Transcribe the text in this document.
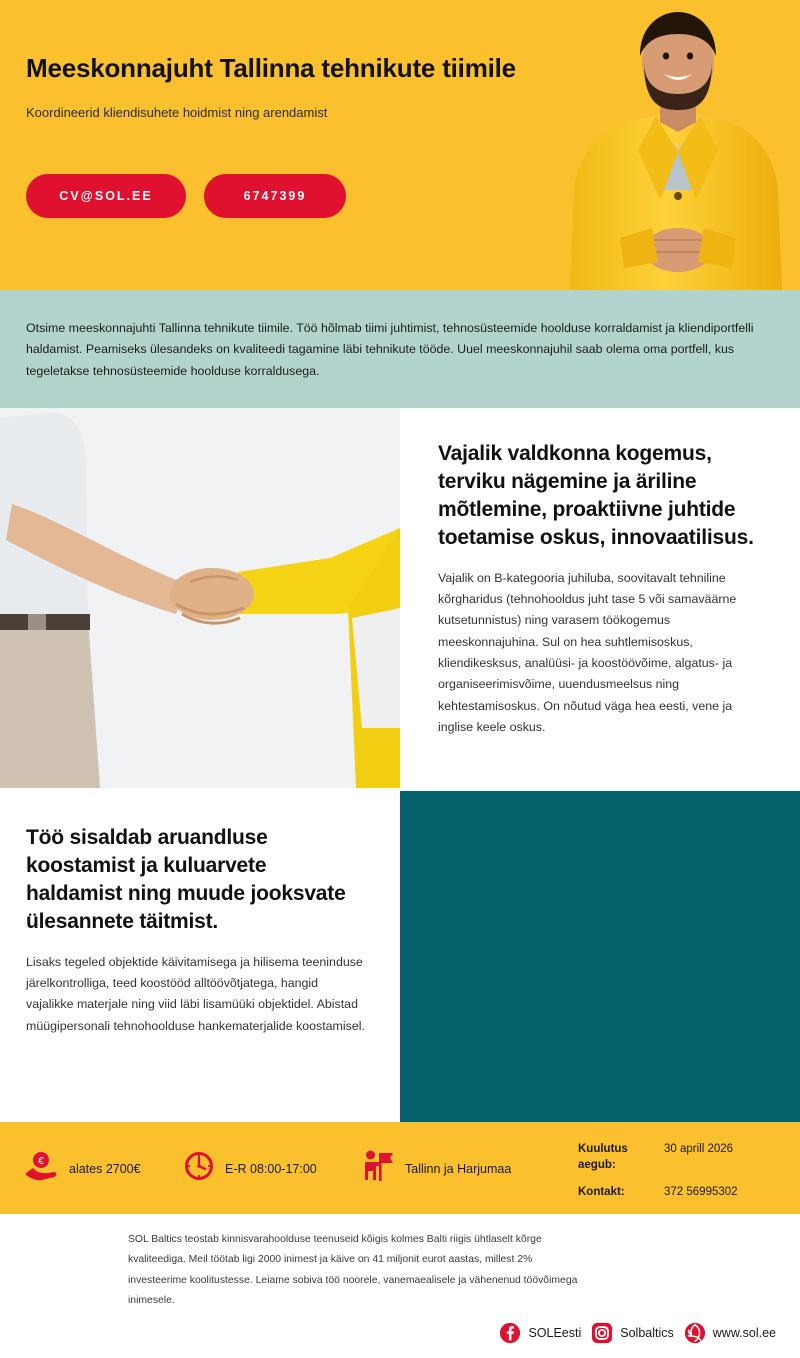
Meeskonnajuht Tallinna tehnikute tiimile
Koordineerid kliendisuhete hoidmist ning arendamist
CV@SOL.EE	6747399

Otsime meeskonnajuhti Tallinna tehnikute tiimile. Töö hõlmab tiimi juhtimist, tehnosüsteemide hoolduse korraldamist ja kliendiportfelli haldamist. Peamiseks ülesandeks on kvaliteedi tagamine läbi tehnikute tööde. Uuel meeskonnajuhil saab olema oma portfell, kus tegeletakse tehnosüsteemide hoolduse korraldusega.

Vajalik valdkonna kogemus, terviku nägemine ja äriline mõtlemine, proaktiivne juhtide toetamise oskus, innovaatilisus.
Vajalik on B-kategooria juhiluba, soovitavalt tehniline kõrgharidus (tehnohooldus juht tase 5 või samaväärne kutsetunnistus) ning varasem töökogemus meeskonnajuhina. Sul on hea suhtlemisoskus, kliendikesksus, analüüsi- ja koostöövõime, algatus- ja organiseerimisvõime, uuendusmeelsus ning kehtestamisoskus. On nõutud väga hea eesti, vene ja inglise keele oskus.
Töö sisaldab aruandluse koostamist ja kuluarvete haldamist ning muude jooksvate ülesannete täitmist.
Lisaks tegeled objektide käivitamisega ja hilisema teeninduse järelkontrolliga, teed koostööd alltöövõtjatega, hangid vajalikke materjale ning viid läbi lisamüüki objektidel. Abistad müügipersonali tehnohoolduse hankematerjalide koostamisel.
€ alates 2700€	E-R 08:00-17:00	Tallinn ja Harjumaa
Kuulutus aegub:
30 aprill 2026
Kontakt:	372 56995302

SOL Baltics teostab kinnisvarahoolduse teenuseid kõigis kolmes Balti riigis ühtlaselt kõrge kvaliteediga. Meil töötab ligi 2000 inimest ja käive on 41 miljonit eurot aastas, millest 2% investeerime koolitustesse. Leiame sobiva töö noorele, vanemaealisele ja vähenenud töövõimega inimesele.

SOLEesti	Solbaltics	www.sol.ee
